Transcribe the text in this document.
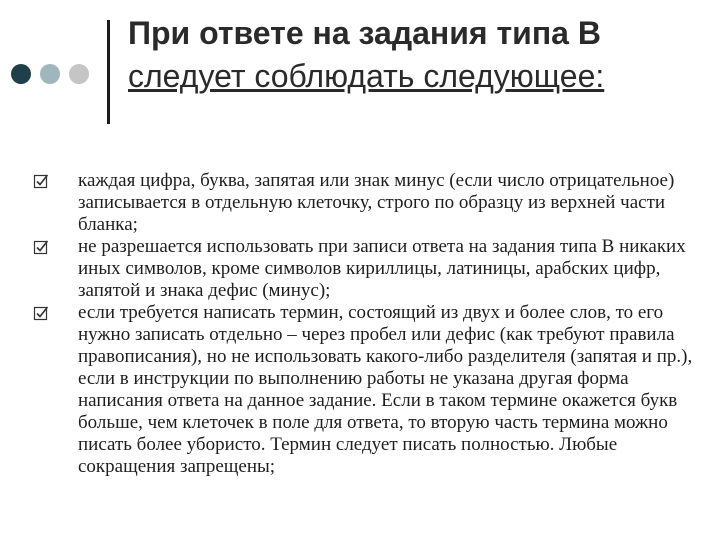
При ответе на задания типа В следует соблюдать следующее:
каждая цифра, буква, запятая или знак минус (если число отрицательное) записывается в отдельную клеточку, строго по образцу из верхней части бланка;
не разрешается использовать при записи ответа на задания типа В никаких иных символов, кроме символов кириллицы, латиницы, арабских цифр, запятой и знака дефис (минус);
если требуется написать термин, состоящий из двух и более слов, то его нужно записать отдельно – через пробел или дефис (как требуют правила правописания), но не использовать какого-либо разделителя (запятая и пр.), если в инструкции по выполнению работы не указана другая форма написания ответа на данное задание. Если в таком термине окажется букв больше, чем клеточек в поле для ответа, то вторую часть термина можно писать более убористо. Термин следует писать полностью. Любые сокращения запрещены;
